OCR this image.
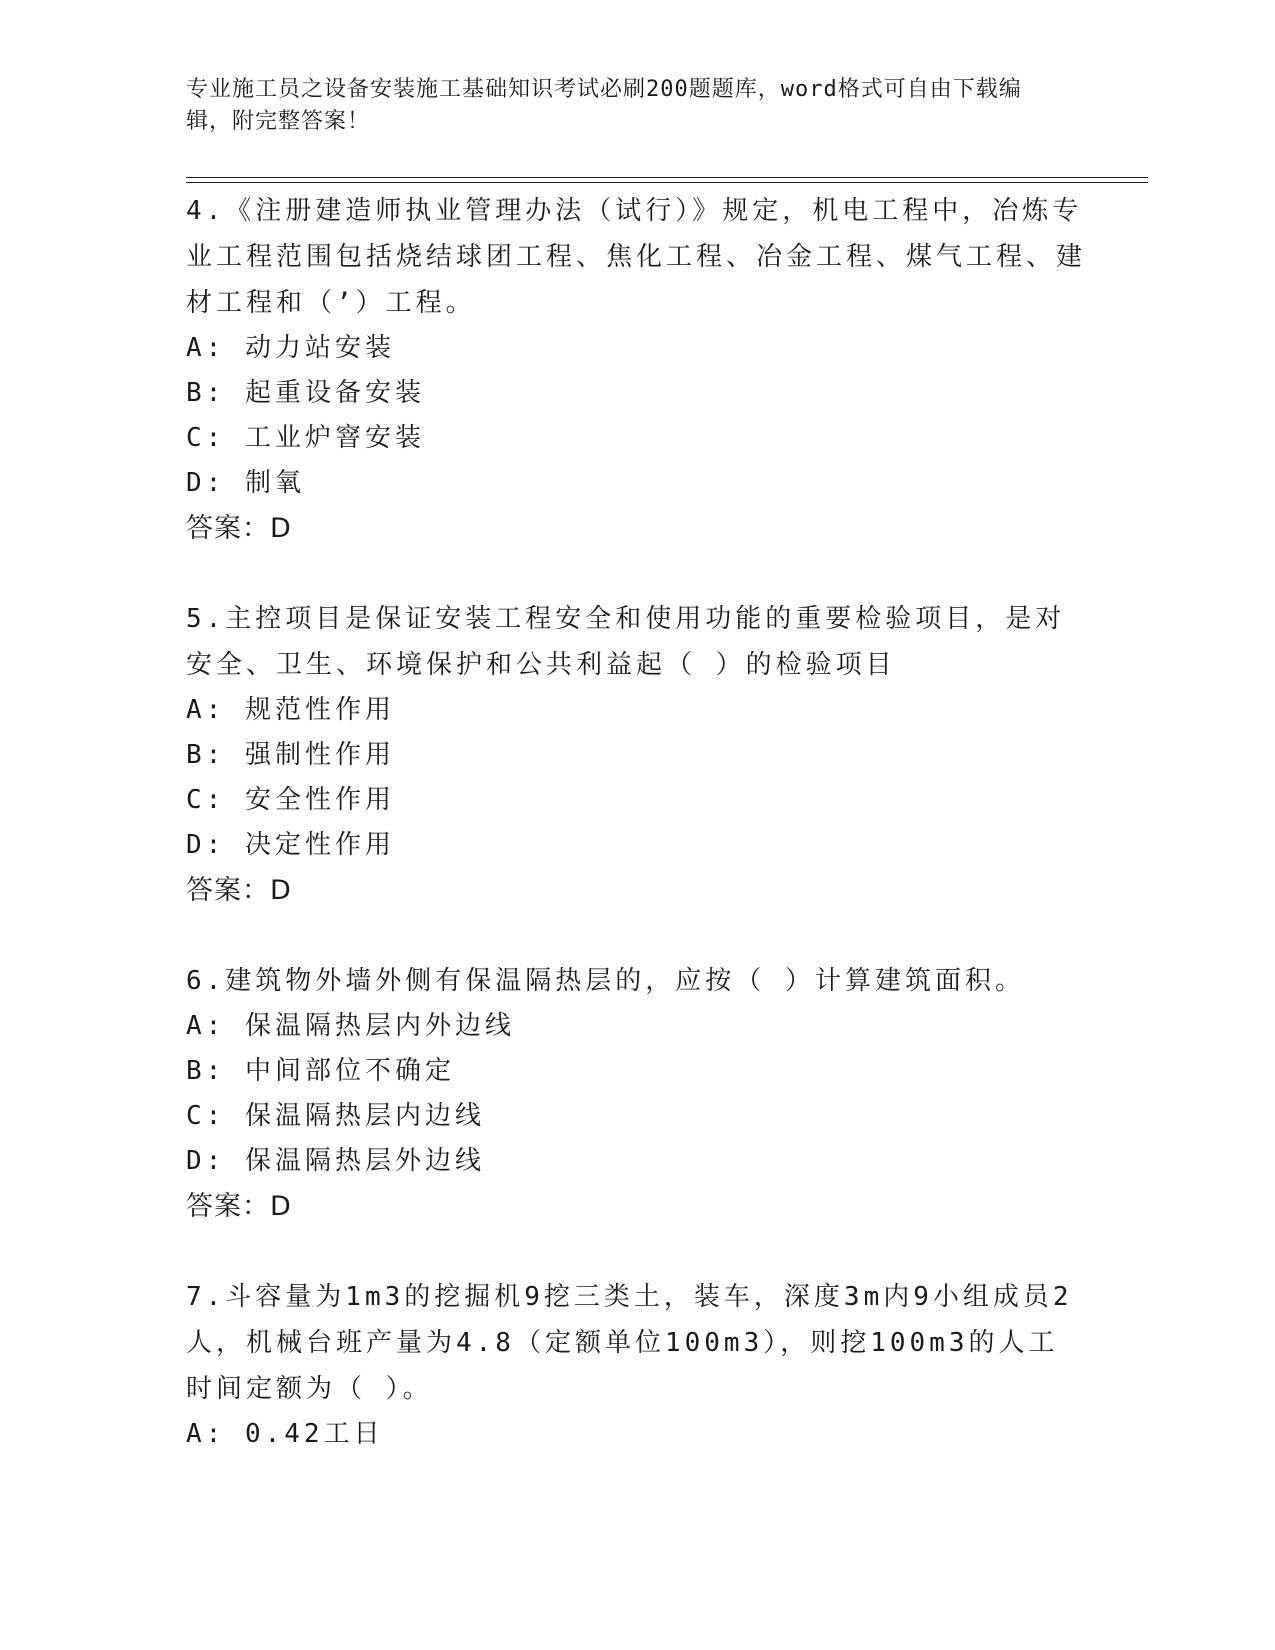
专业施工员之设备安装施工基础知识考试必刷200题题库，word格式可自由下载编辑，附完整答案！

4.《注册建造师执业管理办法（试行）》规定，机电工程中，冶炼专业工程范围包括烧结球团工程、焦化工程、冶金工程、煤气工程、建材工程和（’）工程。

A: 动力站安装

B: 起重设备安装

C: 工业炉窨安装

D: 制氧

答案：D

5.主控项目是保证安装工程安全和使用功能的重要检验项目，是对安全、卫生、环境保护和公共利益起（ ）的检验项目

A: 规范性作用

B: 强制性作用

C: 安全性作用

D: 决定性作用

答案：D

6.建筑物外墙外侧有保温隔热层的，应按（ ）计算建筑面积。

A: 保温隔热层内外边线

B: 中间部位不确定

C: 保温隔热层内边线

D: 保温隔热层外边线

答案：D

7.斗容量为1m3的挖掘机9挖三类土，装车，深度3m内9小组成员2人，机械台班产量为4.8（定额单位100m3），则挖100m3的人工时间定额为（ ）。

A: 0.42工日
